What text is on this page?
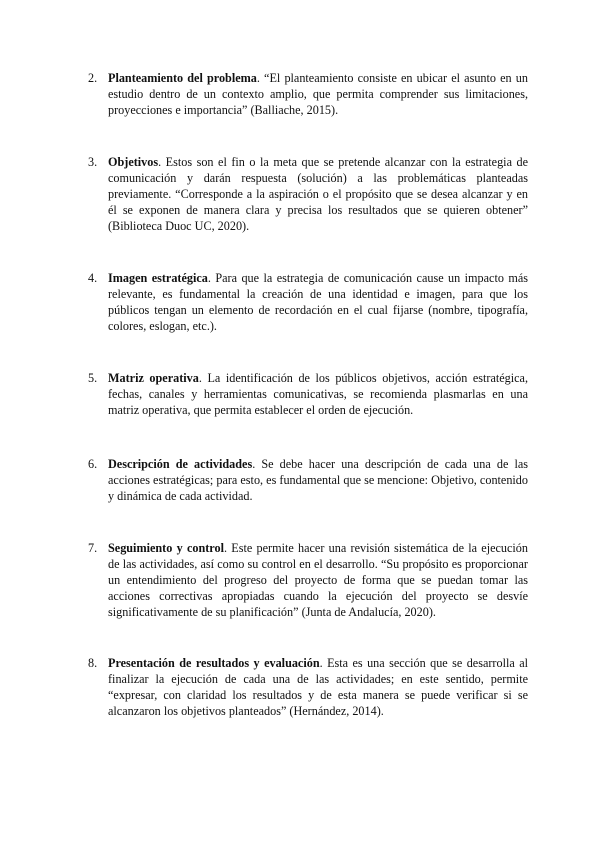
2. Planteamiento del problema. “El planteamiento consiste en ubicar el asunto en un estudio dentro de un contexto amplio, que permita comprender sus limitaciones, proyecciones e importancia” (Balliache, 2015).
3. Objetivos. Estos son el fin o la meta que se pretende alcanzar con la estrategia de comunicación y darán respuesta (solución) a las problemáticas planteadas previamente. “Corresponde a la aspiración o el propósito que se desea alcanzar y en él se exponen de manera clara y precisa los resultados que se quieren obtener” (Biblioteca Duoc UC, 2020).
4. Imagen estratégica. Para que la estrategia de comunicación cause un impacto más relevante, es fundamental la creación de una identidad e imagen, para que los públicos tengan un elemento de recordación en el cual fijarse (nombre, tipografía, colores, eslogan, etc.).
5. Matriz operativa. La identificación de los públicos objetivos, acción estratégica, fechas, canales y herramientas comunicativas, se recomienda plasmarlas en una matriz operativa, que permita establecer el orden de ejecución.
6. Descripción de actividades. Se debe hacer una descripción de cada una de las acciones estratégicas; para esto, es fundamental que se mencione: Objetivo, contenido y dinámica de cada actividad.
7. Seguimiento y control. Este permite hacer una revisión sistemática de la ejecución de las actividades, así como su control en el desarrollo. “Su propósito es proporcionar un entendimiento del progreso del proyecto de forma que se puedan tomar las acciones correctivas apropiadas cuando la ejecución del proyecto se desvíe significativamente de su planificación” (Junta de Andalucía, 2020).
8. Presentación de resultados y evaluación. Esta es una sección que se desarrolla al finalizar la ejecución de cada una de las actividades; en este sentido, permite “expresar, con claridad los resultados y de esta manera se puede verificar si se alcanzaron los objetivos planteados” (Hernández, 2014).
